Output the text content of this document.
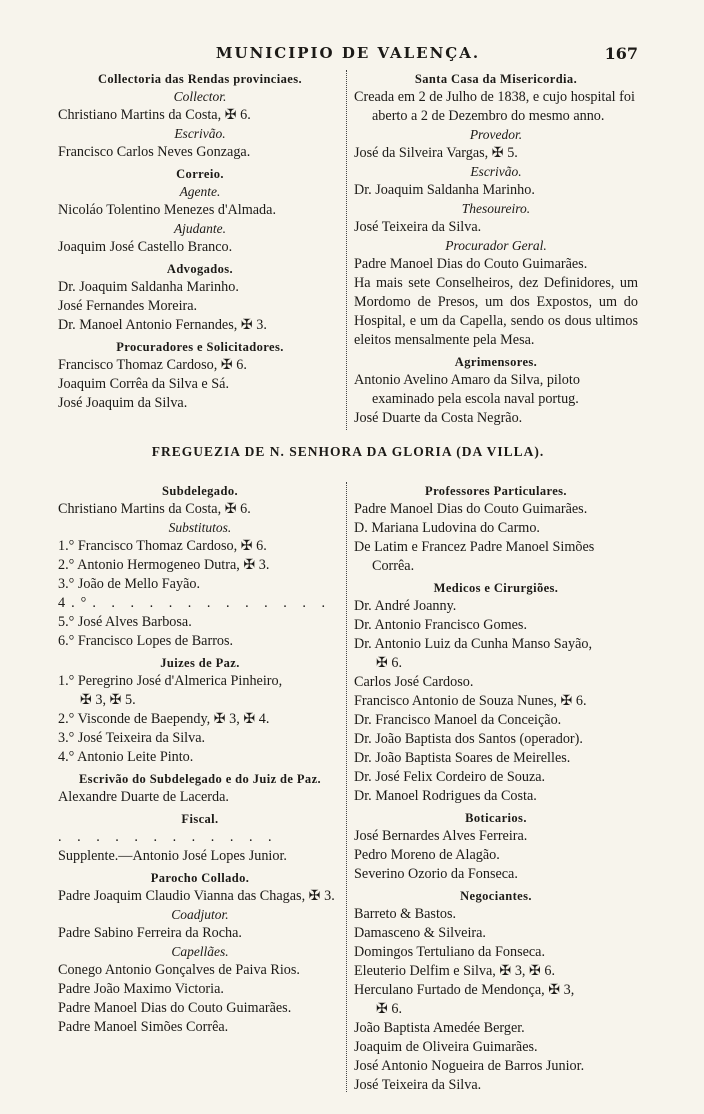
MUNICIPIO DE VALENÇA.	167
Collectoria das Rendas provinciaes.
Collector.
Christiano Martins da Costa, ✠ 6.
Escrivão.
Francisco Carlos Neves Gonzaga.
Correio.
Agente.
Nicoláo Tolentino Menezes d'Almada.
Ajudante.
Joaquim José Castello Branco.
Advogados.
Dr. Joaquim Saldanha Marinho.
José Fernandes Moreira.
Dr. Manoel Antonio Fernandes, ✠ 3.
Procuradores e Solicitadores.
Francisco Thomaz Cardoso, ✠ 6.
Joaquim Corrêa da Silva e Sá.
José Joaquim da Silva.
Santa Casa da Misericordia.
Creada em 2 de Julho de 1838, e cujo hospital foi aberto a 2 de Dezembro do mesmo anno.
Provedor.
José da Silveira Vargas, ✠ 5.
Escrivão.
Dr. Joaquim Saldanha Marinho.
Thesoureiro.
José Teixeira da Silva.
Procurador Geral.
Padre Manoel Dias do Couto Guimarães.
Ha mais sete Conselheiros, dez Definidores, um Mordomo de Presos, um dos Expostos, um do Hospital, e um da Capella, sendo os dous ultimos eleitos mensalmente pela Mesa.
Agrimensores.
Antonio Avelino Amaro da Silva, piloto examinado pela escola naval portug.
José Duarte da Costa Negrão.
FREGUEZIA DE N. SENHORA DA GLORIA (DA VILLA).
Subdelegado.
Christiano Martins da Costa, ✠ 6.
Substitutos.
1.° Francisco Thomaz Cardoso, ✠ 6.
2.° Antonio Hermogeneo Dutra, ✠ 3.
3.° João de Mello Fayão.
4.°. . . . . . . . . . . . .
5.° José Alves Barbosa.
6.° Francisco Lopes de Barros.
Juizes de Paz.
1.° Peregrino José d'Almerica Pinheiro,
✠ 3, ✠ 5.
2.° Visconde de Baependy, ✠ 3, ✠ 4.
3.° José Teixeira da Silva.
4.° Antonio Leite Pinto.
Escrivão do Subdelegado e do Juiz de Paz.
Alexandre Duarte de Lacerda.
Fiscal.
. . . . . . . . . . . .
Supplente.—Antonio José Lopes Junior.
Parocho Collado.
Padre Joaquim Claudio Vianna das Chagas, ✠ 3.
Coadjutor.
Padre Sabino Ferreira da Rocha.
Capellães.
Conego Antonio Gonçalves de Paiva Rios.
Padre João Maximo Victoria.
Padre Manoel Dias do Couto Guimarães.
Padre Manoel Simões Corrêa.
Professores Particulares.
Padre Manoel Dias do Couto Guimarães.
D. Mariana Ludovina do Carmo.
De Latim e Francez Padre Manoel Simões Corrêa.
Medicos e Cirurgiões.
Dr. André Joanny.
Dr. Antonio Francisco Gomes.
Dr. Antonio Luiz da Cunha Manso Sayão,
✠ 6.
Carlos José Cardoso.
Francisco Antonio de Souza Nunes, ✠ 6.
Dr. Francisco Manoel da Conceição.
Dr. João Baptista dos Santos (operador).
Dr. João Baptista Soares de Meirelles.
Dr. José Felix Cordeiro de Souza.
Dr. Manoel Rodrigues da Costa.
Boticarios.
José Bernardes Alves Ferreira.
Pedro Moreno de Alagão.
Severino Ozorio da Fonseca.
Negociantes.
Barreto & Bastos.
Damasceno & Silveira.
Domingos Tertuliano da Fonseca.
Eleuterio Delfim e Silva, ✠ 3, ✠ 6.
Herculano Furtado de Mendonça, ✠ 3,
✠ 6.
João Baptista Amedée Berger.
Joaquim de Oliveira Guimarães.
José Antonio Nogueira de Barros Junior.
José Teixeira da Silva.
